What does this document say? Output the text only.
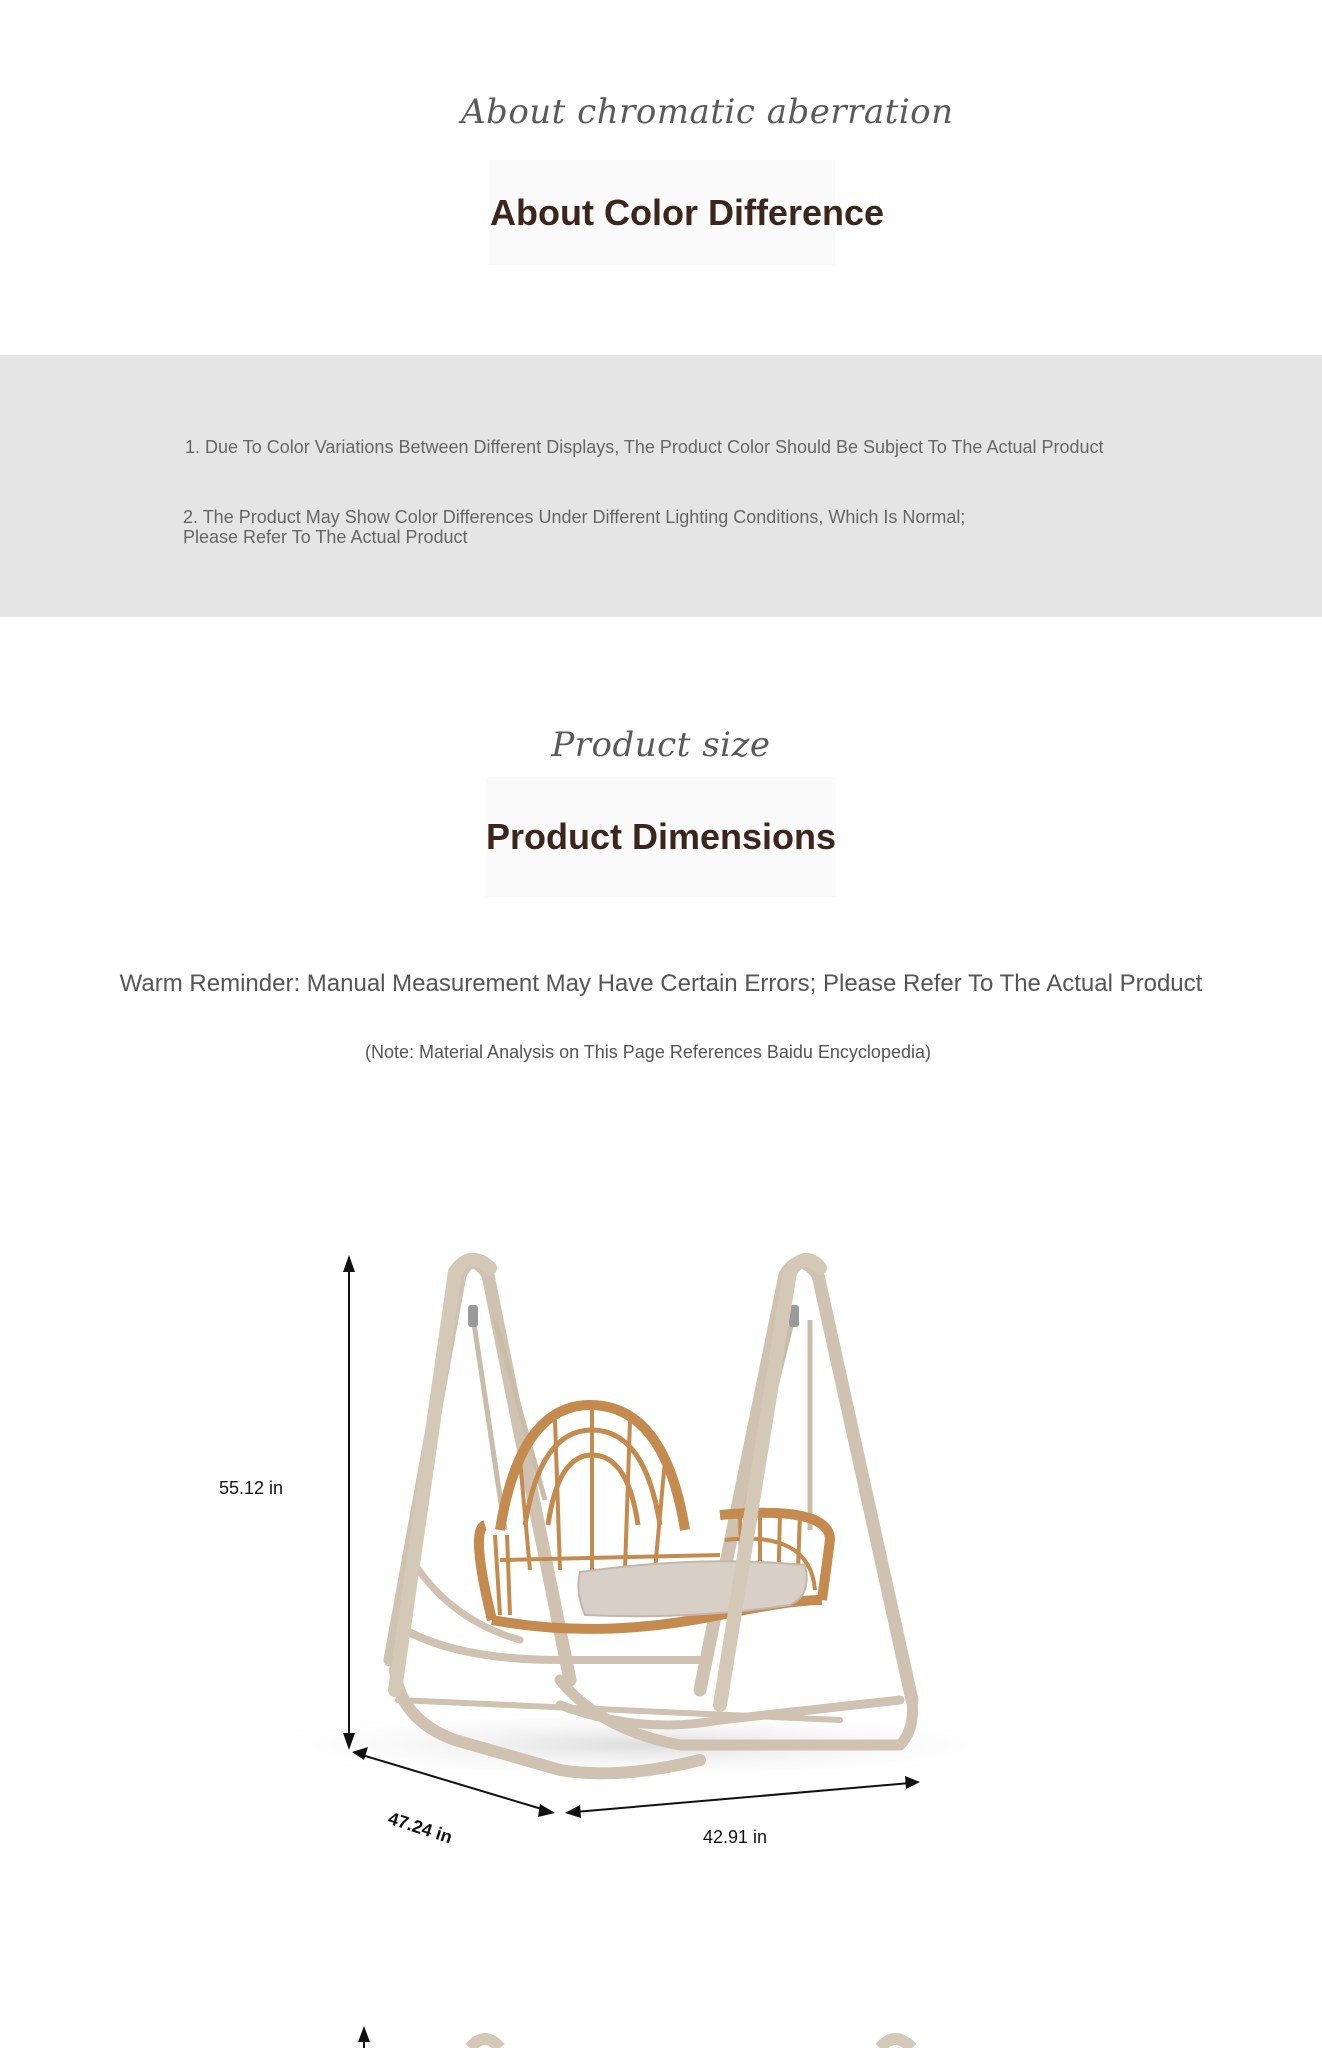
About chromatic aberration
About Color Difference
1. Due To Color Variations Between Different Displays, The Product Color Should Be Subject To The Actual Product
2. The Product May Show Color Differences Under Different Lighting Conditions, Which Is Normal;
Please Refer To The Actual Product
Product size
Product Dimensions
Warm Reminder: Manual Measurement May Have Certain Errors; Please Refer To The Actual Product
(Note: Material Analysis on This Page References Baidu Encyclopedia)
55.12 in
47.24 in	42.91 in
